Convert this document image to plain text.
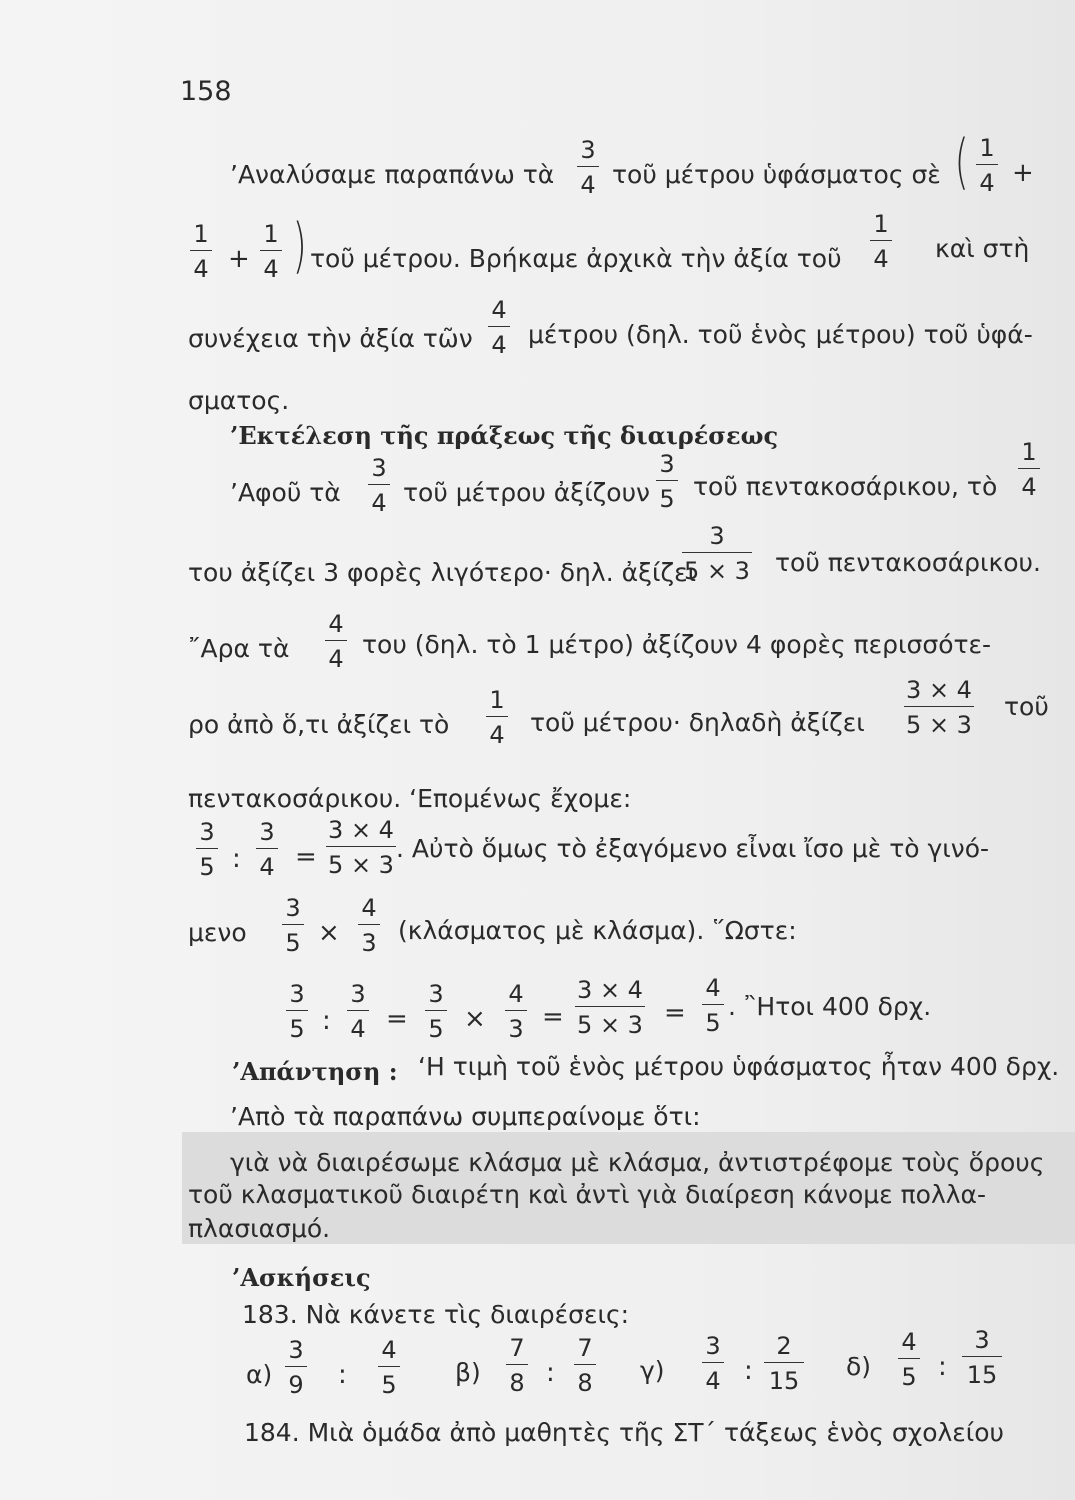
158
’Αναλύσαμε παραπάνω τὰ
3
4 τοῦ μέτρου ὑφάσματος σὲ ( 1
4 +
1
4 +
1
4 ) τοῦ μέτρου. Βρήκαμε ἀρχικὰ τὴν ἀξία τοῦ
1
4 καὶ στὴ
συνέχεια τὴν ἀξία τῶν
4
4 μέτρου (δηλ. τοῦ ἑνὸς μέτρου) τοῦ ὑφά-
σματος.
’Εκτέλεση τῆς πράξεως τῆς διαιρέσεως
’Αφοῦ τὰ
3
4 τοῦ μέτρου ἀξίζουν
3
5 τοῦ πεντακοσάρικου, τὸ
1
4
του ἀξίζει 3 φορὲς λιγότερο· δηλ. ἀξίζει
3
5 × 3 τοῦ πεντακοσάρικου.
῎Αρα τὰ
4
4 του (δηλ. τὸ 1 μέτρο) ἀξίζουν 4 φορὲς περισσότε-
ρο ἀπὸ ὅ,τι ἀξίζει τὸ
1
4 τοῦ μέτρου· δηλαδὴ ἀξίζει
3 × 4
5 × 3
τοῦ
πεντακοσάρικου. ‘Επομένως ἔχομε:
3
5 :
3
4 =
3 × 4
5 × 3
. Αὐτὸ ὅμως τὸ ἐξαγόμενο εἶναι ἴσο μὲ τὸ γινό-
μενο
3
5 ×
4
3 (κλάσματος μὲ κλάσμα). ῞Ωστε:
3
5 :
3
4 =
3
5 ×
4
3 =
3 × 4
5 × 3 =
4
5
. ῍Ητοι 400 δρχ.
’Απάντηση : ‘Η τιμὴ τοῦ ἑνὸς μέτρου ὑφάσματος ἦταν 400 δρχ.
’Απὸ τὰ παραπάνω συμπεραίνομε ὅτι:
γιὰ νὰ διαιρέσωμε κλάσμα μὲ κλάσμα, ἀντιστρέφομε τοὺς ὅρους
τοῦ κλασματικοῦ διαιρέτη καὶ ἀντὶ γιὰ διαίρεση κάνομε πολλα-
πλασιασμό.
’Ασκήσεις
183. Νὰ κάνετε τὶς διαιρέσεις:
α)
3
9 :
4
5 β)
7
8 :
7
8 γ)
3
4 :
2
15 δ)
4
5 :
3
15
184. Μιὰ ὁμάδα ἀπὸ μαθητὲς τῆς ΣΤ΄ τάξεως ἑνὸς σχολείου
